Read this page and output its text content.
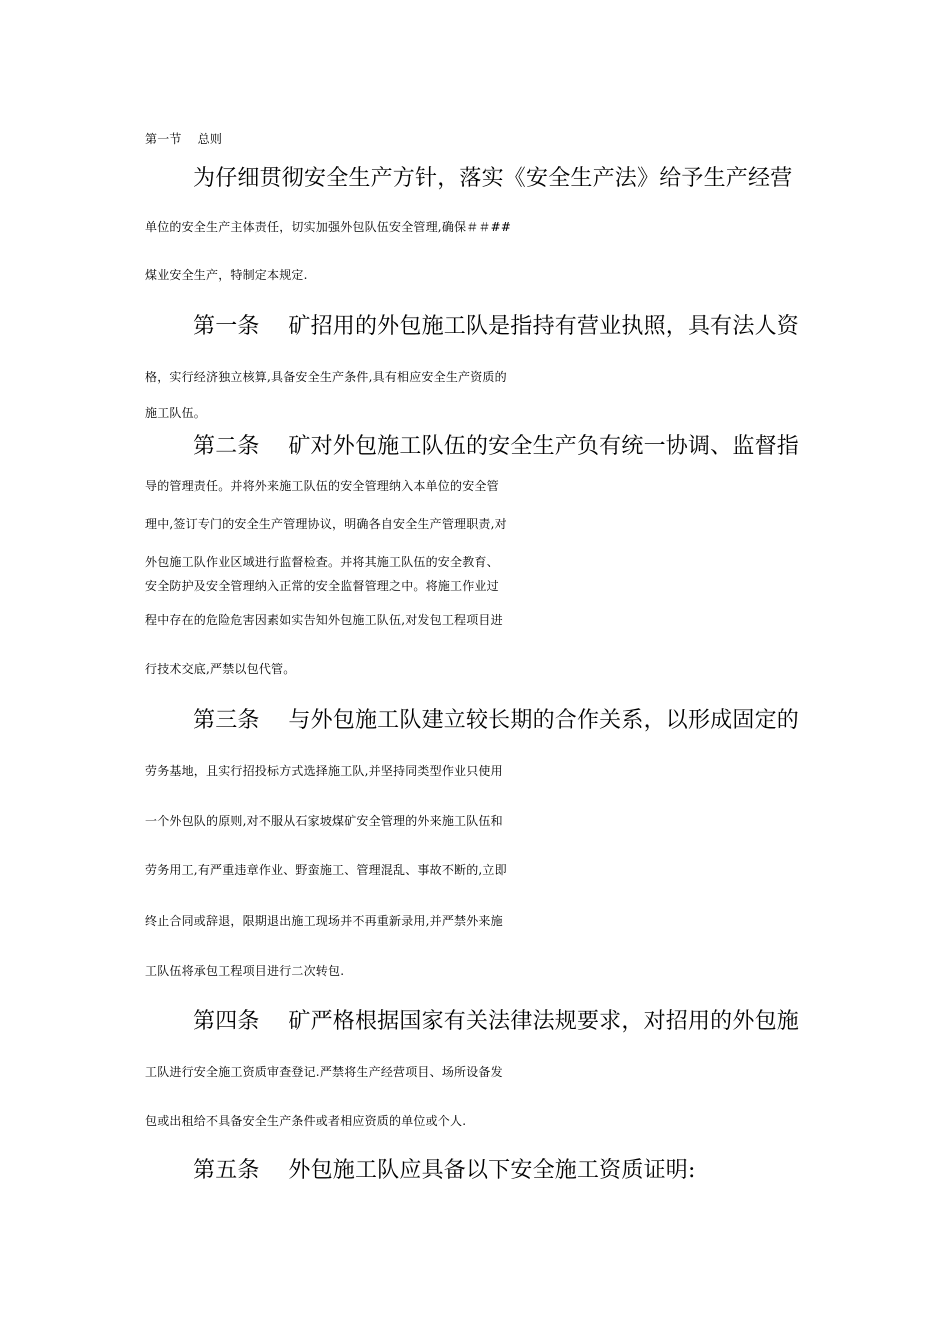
第一节    总则
为仔细贯彻安全生产方针，落实《安全生产法》给予生产经营
单位的安全生产主体责任，切实加强外包队伍安全管理,确保＃＃##
煤业安全生产，特制定本规定.
第一条    矿招用的外包施工队是指持有营业执照，具有法人资
格，实行经济独立核算,具备安全生产条件,具有相应安全生产资质的
施工队伍。
第二条    矿对外包施工队伍的安全生产负有统一协调、监督指
导的管理责任。并将外来施工队伍的安全管理纳入本单位的安全管
理中,签订专门的安全生产管理协议，明确各自安全生产管理职责,对
外包施工队作业区域进行监督检查。并将其施工队伍的安全教育、
安全防护及安全管理纳入正常的安全监督管理之中。将施工作业过
程中存在的危险危害因素如实告知外包施工队伍,对发包工程项目进
行技术交底,严禁以包代管。
第三条    与外包施工队建立较长期的合作关系，以形成固定的
劳务基地，且实行招投标方式选择施工队,并坚持同类型作业只使用
一个外包队的原则,对不服从石家坡煤矿安全管理的外来施工队伍和
劳务用工,有严重违章作业、野蛮施工、管理混乱、事故不断的,立即
终止合同或辞退，限期退出施工现场并不再重新录用,并严禁外来施
工队伍将承包工程项目进行二次转包.
第四条    矿严格根据国家有关法律法规要求，对招用的外包施
工队进行安全施工资质审查登记.严禁将生产经营项目、场所设备发
包或出租给不具备安全生产条件或者相应资质的单位或个人.
第五条    外包施工队应具备以下安全施工资质证明:
